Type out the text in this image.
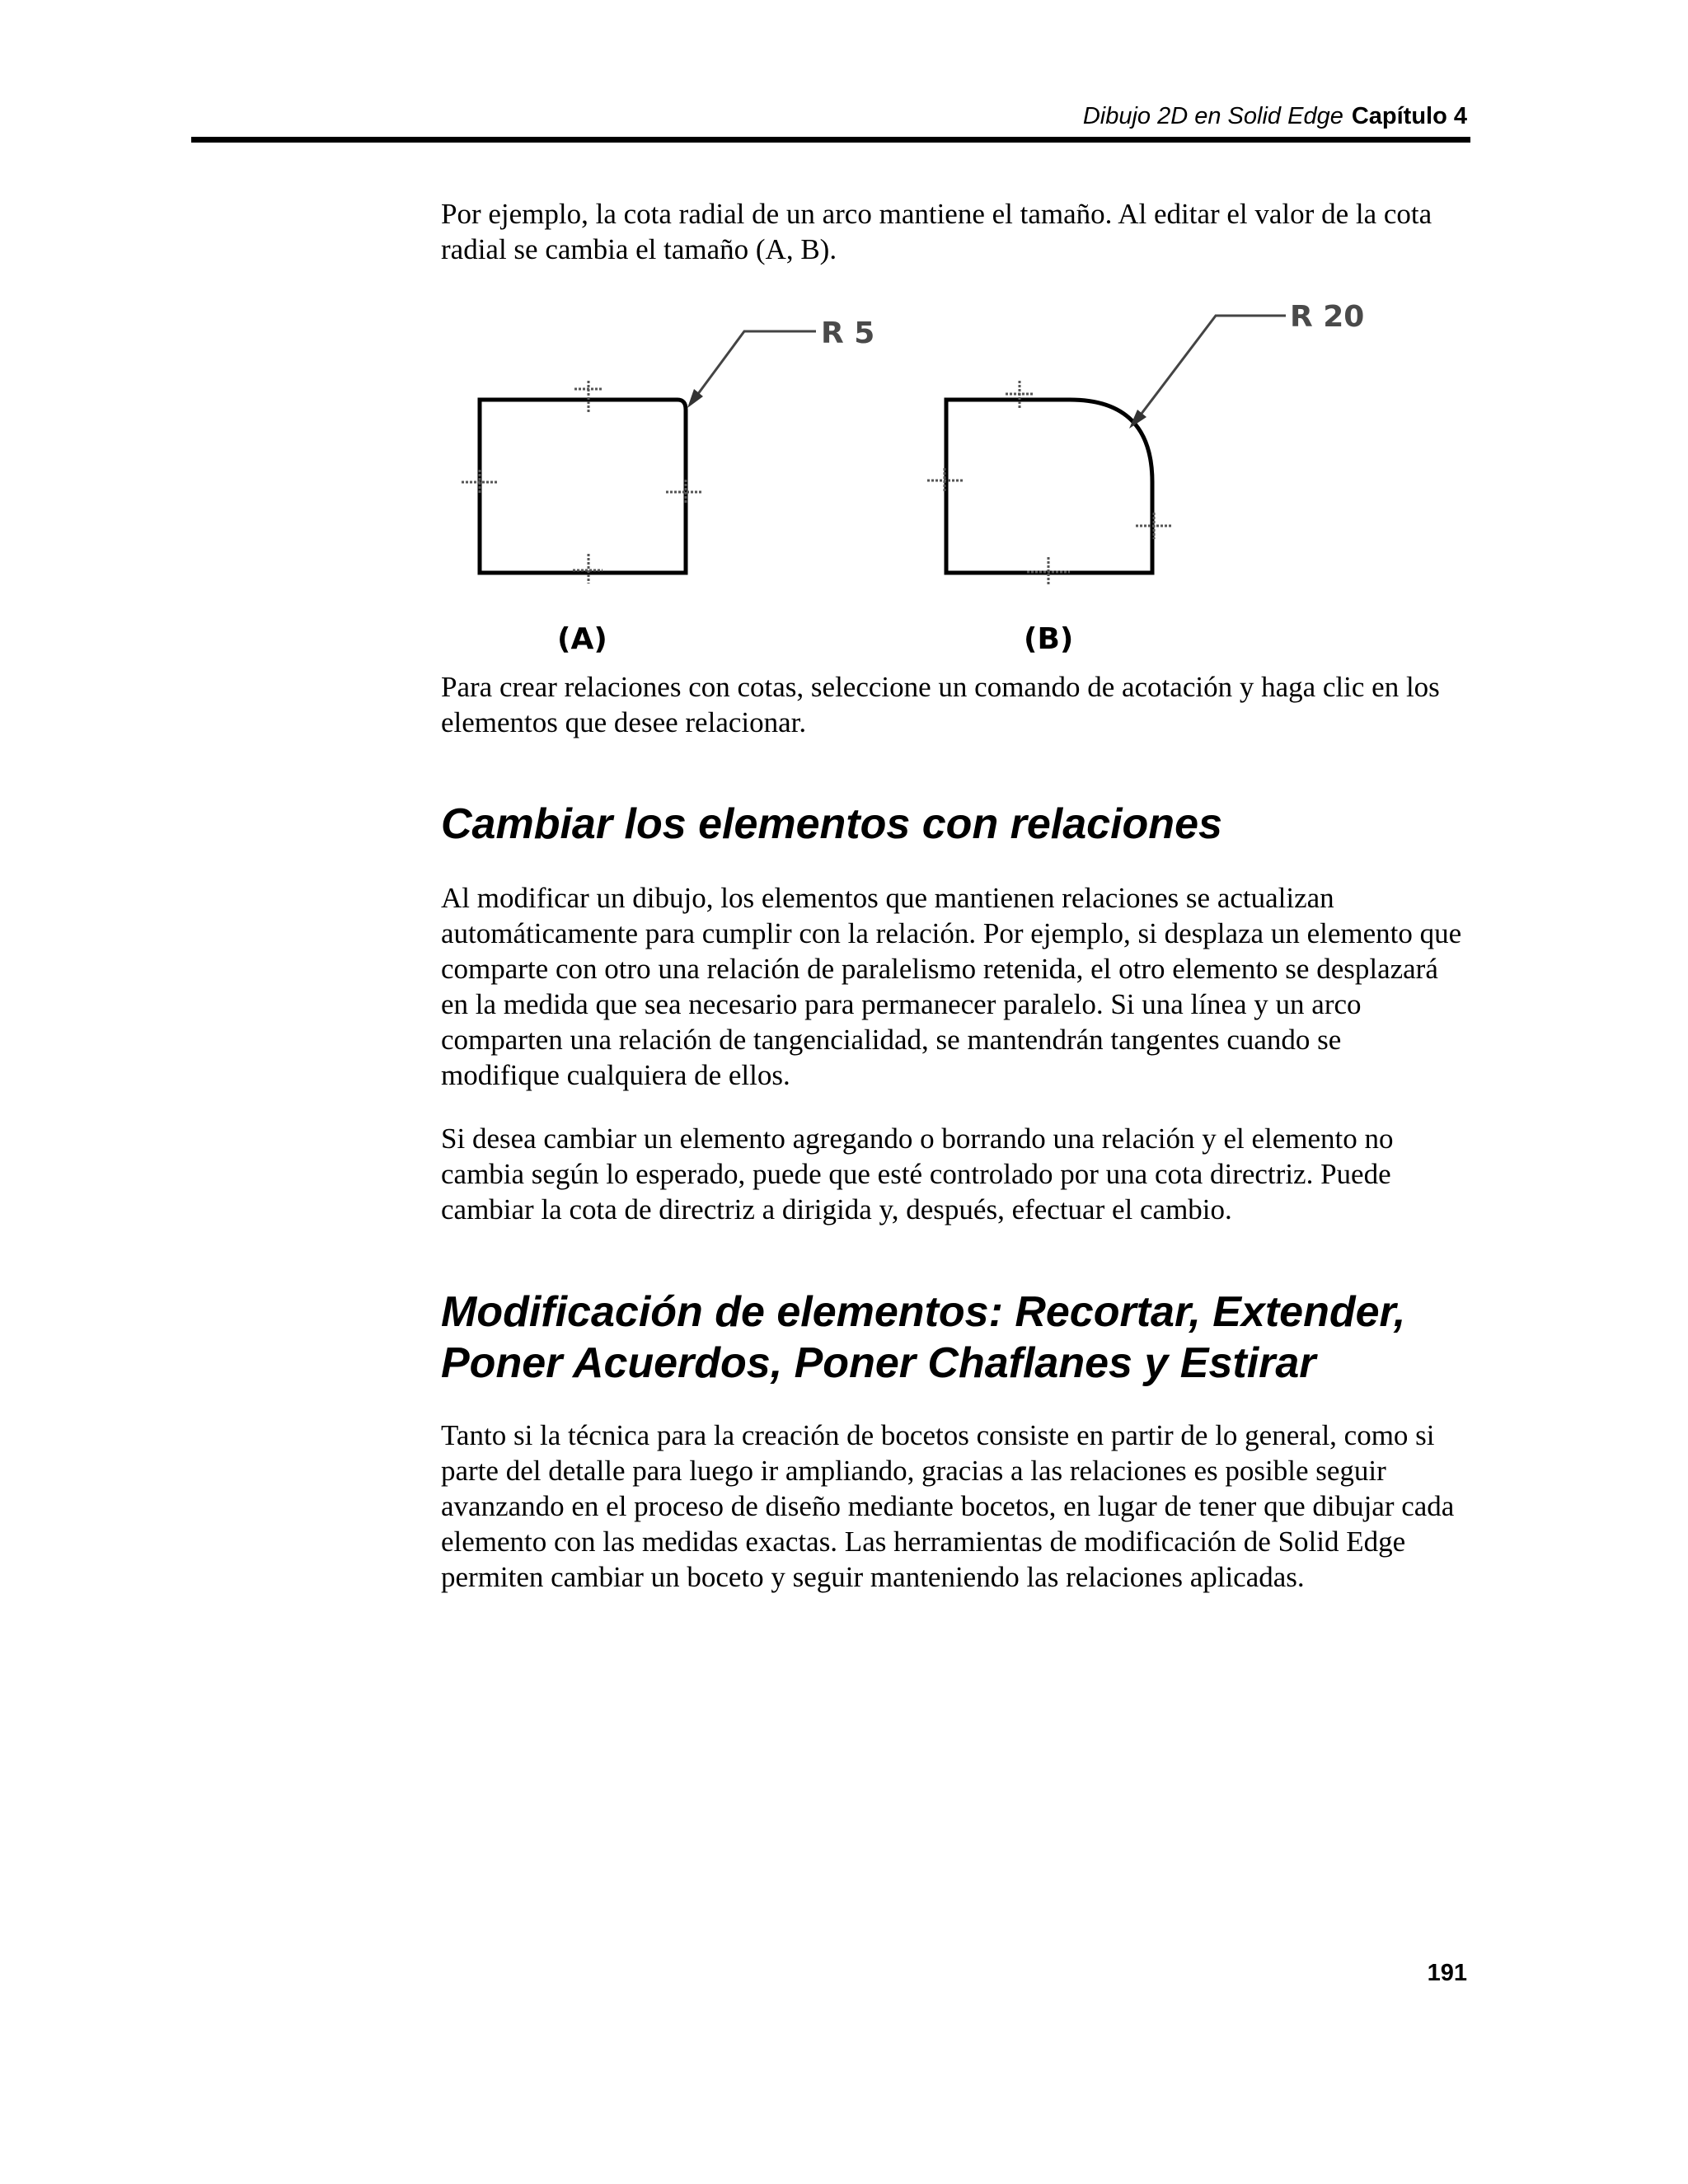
Dibujo 2D en Solid Edge Capítulo 4

Por ejemplo, la cota radial de un arco mantiene el tamaño. Al editar el valor de la cota radial se cambia el tamaño (A, B).

R 5
(A)
R 20
(B)

Para crear relaciones con cotas, seleccione un comando de acotación y haga clic en los elementos que desee relacionar.

Cambiar los elementos con relaciones

Al modificar un dibujo, los elementos que mantienen relaciones se actualizan automáticamente para cumplir con la relación. Por ejemplo, si desplaza un elemento que comparte con otro una relación de paralelismo retenida, el otro elemento se desplazará en la medida que sea necesario para permanecer paralelo. Si una línea y un arco comparten una relación de tangencialidad, se mantendrán tangentes cuando se modifique cualquiera de ellos.

Si desea cambiar un elemento agregando o borrando una relación y el elemento no cambia según lo esperado, puede que esté controlado por una cota directriz. Puede cambiar la cota de directriz a dirigida y, después, efectuar el cambio.

Modificación de elementos: Recortar, Extender, Poner Acuerdos, Poner Chaflanes y Estirar

Tanto si la técnica para la creación de bocetos consiste en partir de lo general, como si parte del detalle para luego ir ampliando, gracias a las relaciones es posible seguir avanzando en el proceso de diseño mediante bocetos, en lugar de tener que dibujar cada elemento con las medidas exactas. Las herramientas de modificación de Solid Edge permiten cambiar un boceto y seguir manteniendo las relaciones aplicadas.

191
